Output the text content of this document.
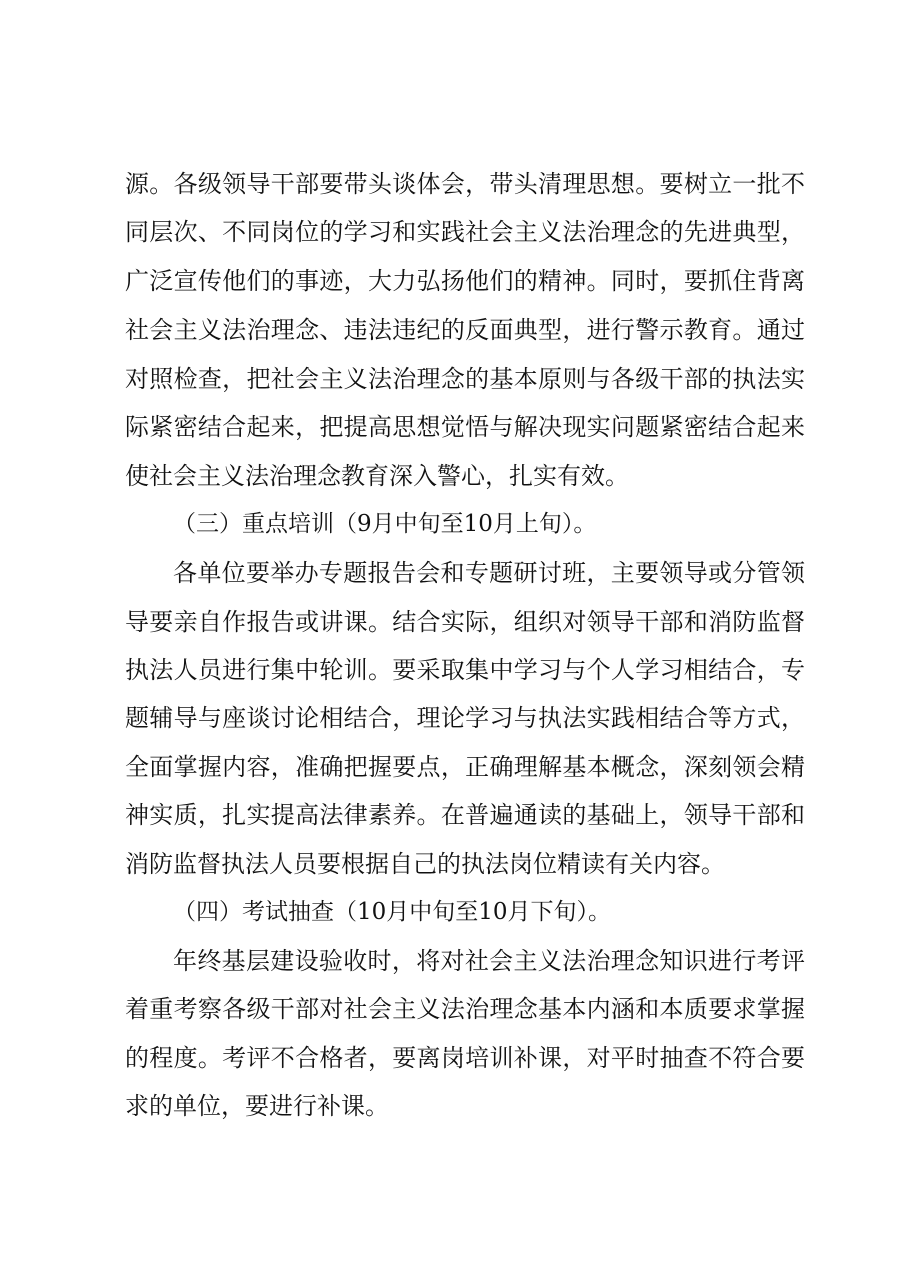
源。各级领导干部要带头谈体会，带头清理思想。要树立一批不
同层次、不同岗位的学习和实践社会主义法治理念的先进典型，
广泛宣传他们的事迹，大力弘扬他们的精神。同时，要抓住背离
社会主义法治理念、违法违纪的反面典型，进行警示教育。通过
对照检查，把社会主义法治理念的基本原则与各级干部的执法实
际紧密结合起来，把提高思想觉悟与解决现实问题紧密结合起来
使社会主义法治理念教育深入警心，扎实有效。
（三）重点培训（9月中旬至10月上旬）。
各单位要举办专题报告会和专题研讨班，主要领导或分管领
导要亲自作报告或讲课。结合实际，组织对领导干部和消防监督
执法人员进行集中轮训。要采取集中学习与个人学习相结合，专
题辅导与座谈讨论相结合，理论学习与执法实践相结合等方式，
全面掌握内容，准确把握要点，正确理解基本概念，深刻领会精
神实质，扎实提高法律素养。在普遍通读的基础上，领导干部和
消防监督执法人员要根据自己的执法岗位精读有关内容。
（四）考试抽查（10月中旬至10月下旬）。
年终基层建设验收时，将对社会主义法治理念知识进行考评
着重考察各级干部对社会主义法治理念基本内涵和本质要求掌握
的程度。考评不合格者，要离岗培训补课，对平时抽查不符合要
求的单位，要进行补课。
